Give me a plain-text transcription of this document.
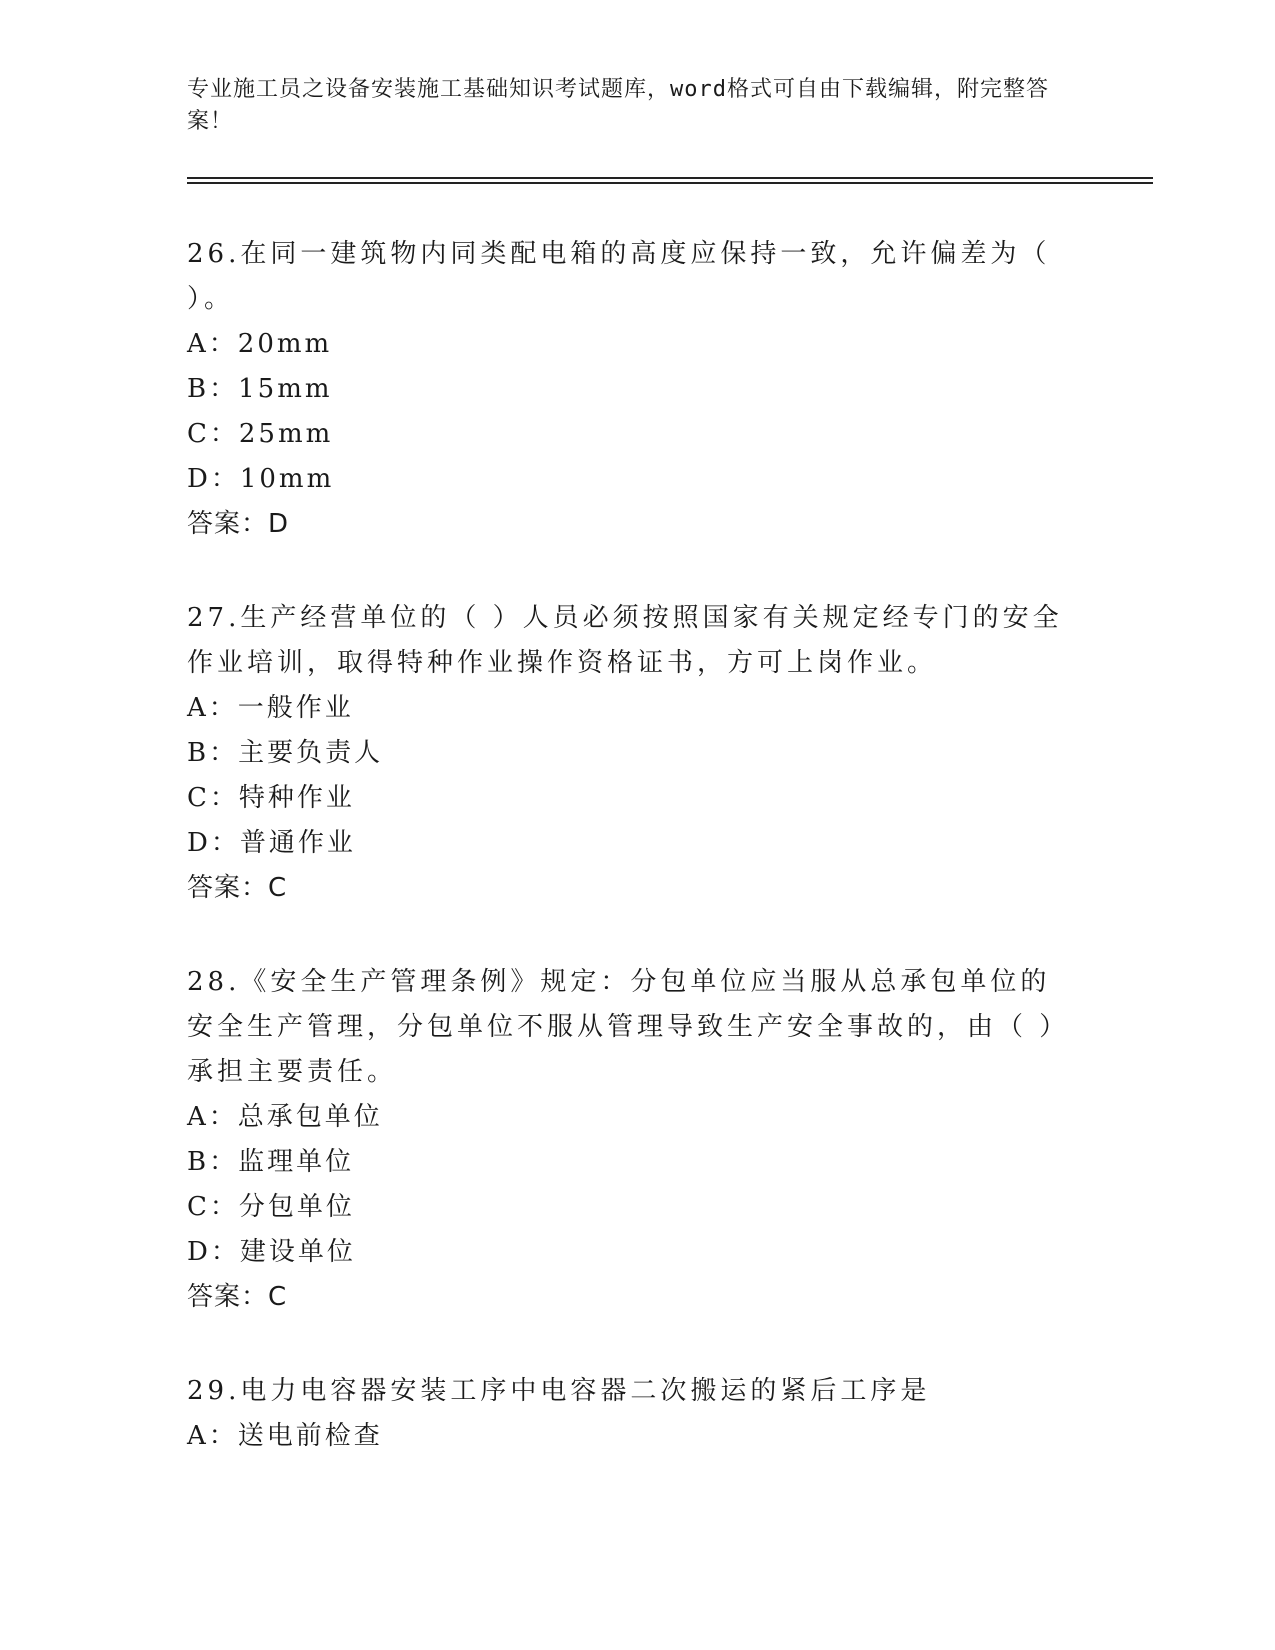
专业施工员之设备安装施工基础知识考试题库，word格式可自由下载编辑，附完整答案！
26.在同一建筑物内同类配电箱的高度应保持一致，允许偏差为（ ）。
A：20mm
B：15mm
C：25mm
D：10mm
答案：D
27.生产经营单位的（ ）人员必须按照国家有关规定经专门的安全作业培训，取得特种作业操作资格证书，方可上岗作业。
A：一般作业
B：主要负责人
C：特种作业
D：普通作业
答案：C
28.《安全生产管理条例》规定：分包单位应当服从总承包单位的安全生产管理，分包单位不服从管理导致生产安全事故的，由（ ）承担主要责任。
A：总承包单位
B：监理单位
C：分包单位
D：建设单位
答案：C
29.电力电容器安装工序中电容器二次搬运的紧后工序是
A：送电前检查
